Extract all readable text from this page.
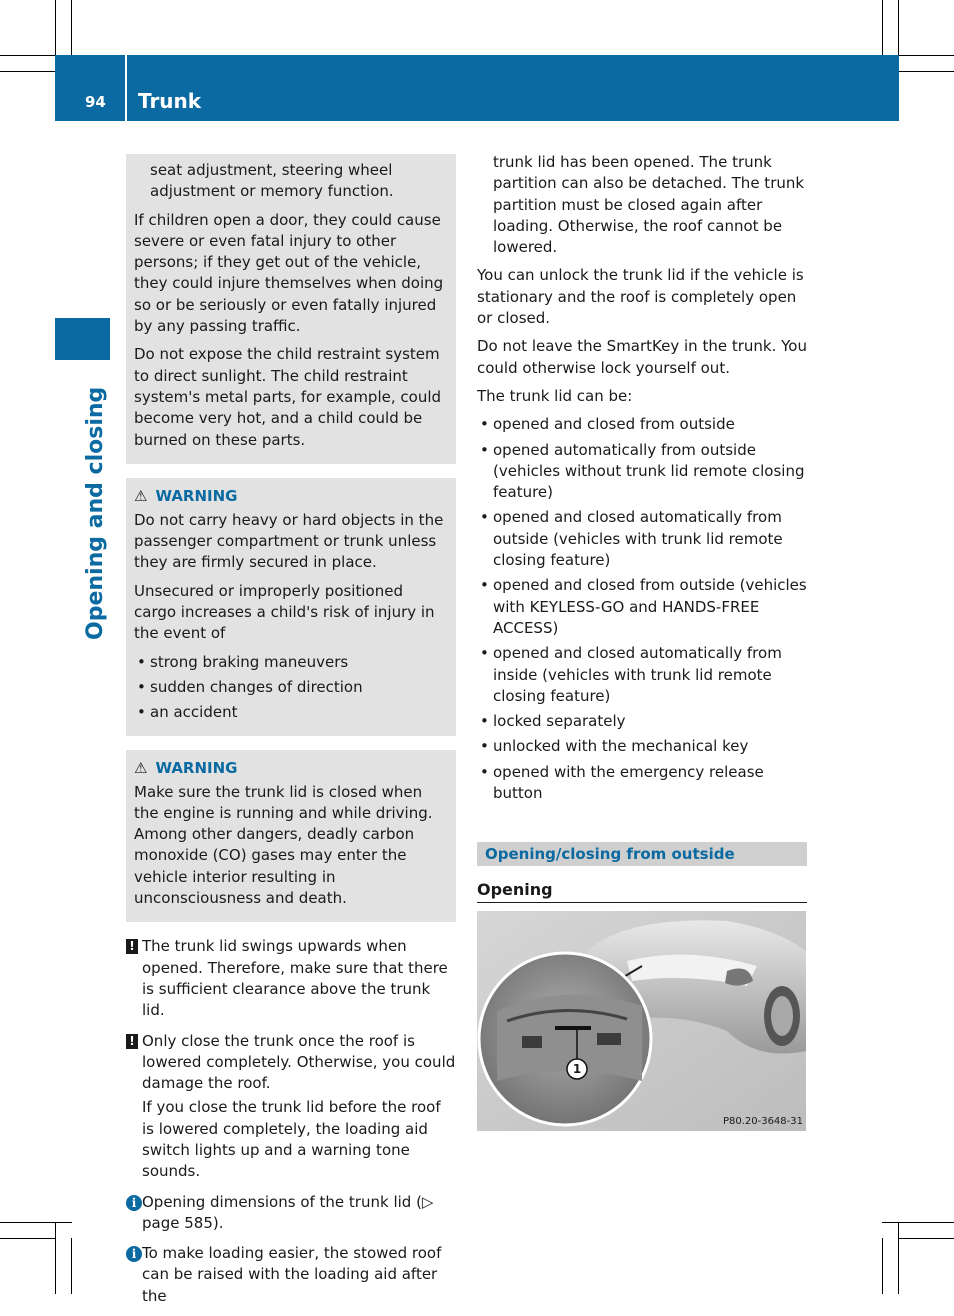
94 Trunk
Opening and closing

seat adjustment, steering wheel adjustment or memory function.

If children open a door, they could cause severe or even fatal injury to other persons; if they get out of the vehicle, they could injure themselves when doing so or be seriously or even fatally injured by any passing traffic.

Do not expose the child restraint system to direct sunlight. The child restraint system's metal parts, for example, could become very hot, and a child could be burned on these parts.

⚠ WARNING

Do not carry heavy or hard objects in the passenger compartment or trunk unless they are firmly secured in place.

Unsecured or improperly positioned cargo increases a child's risk of injury in the event of

• strong braking maneuvers
• sudden changes of direction
• an accident
⚠ WARNING

Make sure the trunk lid is closed when the engine is running and while driving. Among other dangers, deadly carbon monoxide (CO) gases may enter the vehicle interior resulting in unconsciousness and death.

! The trunk lid swings upwards when opened. Therefore, make sure that there is sufficient clearance above the trunk lid.
! Only close the trunk once the roof is lowered completely. Otherwise, you could damage the roof.

If you close the trunk lid before the roof is lowered completely, the loading aid switch lights up and a warning tone sounds.

i Opening dimensions of the trunk lid (▷ page 585).
i To make loading easier, the stowed roof can be raised with the loading aid after the

trunk lid has been opened. The trunk partition can also be detached. The trunk partition must be closed again after loading. Otherwise, the roof cannot be lowered.

You can unlock the trunk lid if the vehicle is stationary and the roof is completely open or closed.

Do not leave the SmartKey in the trunk. You could otherwise lock yourself out.

The trunk lid can be:

• opened and closed from outside
• opened automatically from outside (vehicles without trunk lid remote closing feature)
• opened and closed automatically from outside (vehicles with trunk lid remote closing feature)
• opened and closed from outside (vehicles with KEYLESS-GO and HANDS-FREE ACCESS)
• opened and closed automatically from inside (vehicles with trunk lid remote closing feature)
• locked separately
• unlocked with the mechanical key
• opened with the emergency release button
Opening/closing from outside
Opening
1
P80.20-3648-31
